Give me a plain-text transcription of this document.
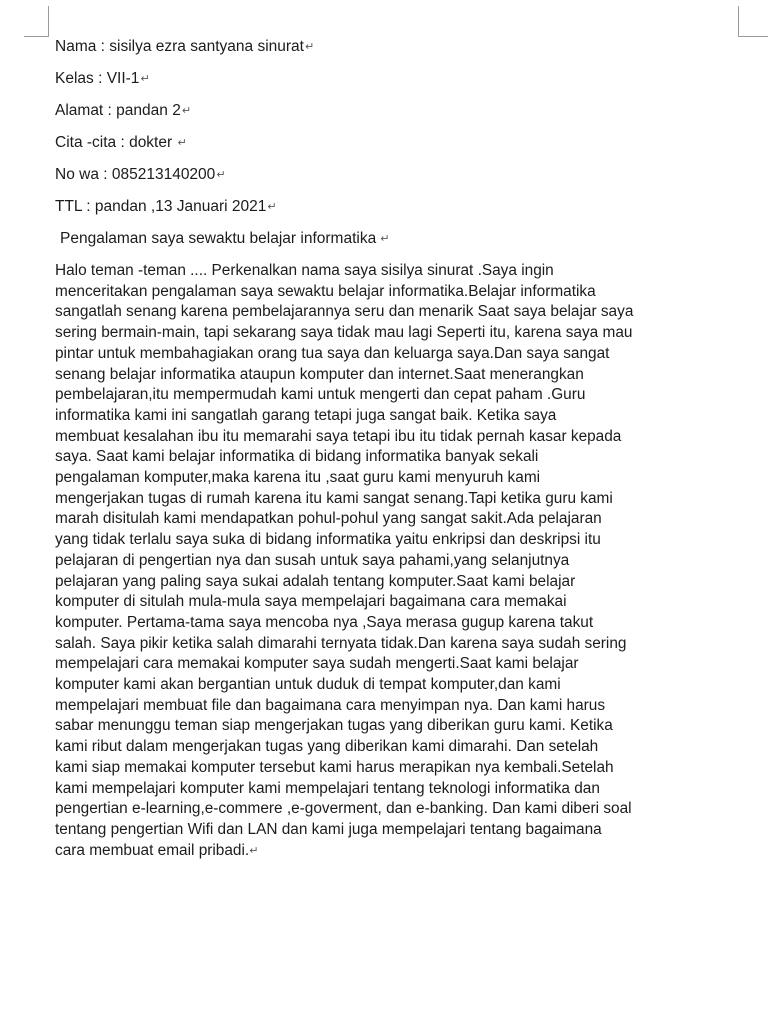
Nama : sisilya ezra santyana sinurat↵
Kelas : VII-1↵
Alamat : pandan 2↵
Cita -cita : dokter ↵
No wa : 085213140200↵
TTL : pandan ,13 Januari 2021↵
Pengalaman saya sewaktu belajar informatika ↵
Halo teman -teman .... Perkenalkan nama saya sisilya sinurat .Saya ingin
menceritakan pengalaman saya sewaktu belajar informatika.Belajar informatika
sangatlah senang karena pembelajarannya seru dan menarik Saat saya belajar saya
sering bermain-main, tapi sekarang saya tidak mau lagi Seperti itu, karena saya mau
pintar untuk membahagiakan orang tua saya dan keluarga saya.Dan saya sangat
senang belajar informatika ataupun komputer dan internet.Saat menerangkan
pembelajaran,itu mempermudah kami untuk mengerti dan cepat paham .Guru
informatika kami ini sangatlah garang tetapi juga sangat baik. Ketika saya
membuat kesalahan ibu itu memarahi saya tetapi ibu itu tidak pernah kasar kepada
saya. Saat kami belajar informatika di bidang informatika banyak sekali
pengalaman komputer,maka karena itu ,saat guru kami menyuruh kami
mengerjakan tugas di rumah karena itu kami sangat senang.Tapi ketika guru kami
marah disitulah kami mendapatkan pohul-pohul yang sangat sakit.Ada pelajaran
yang tidak terlalu saya suka di bidang informatika yaitu enkripsi dan deskripsi itu
pelajaran di pengertian nya dan susah untuk saya pahami,yang selanjutnya
pelajaran yang paling saya sukai adalah tentang komputer.Saat kami belajar
komputer di situlah mula-mula saya mempelajari bagaimana cara memakai
komputer. Pertama-tama saya mencoba nya ,Saya merasa gugup karena takut
salah. Saya pikir ketika salah dimarahi ternyata tidak.Dan karena saya sudah sering
mempelajari cara memakai komputer saya sudah mengerti.Saat kami belajar
komputer kami akan bergantian untuk duduk di tempat komputer,dan kami
mempelajari membuat file dan bagaimana cara menyimpan nya. Dan kami harus
sabar menunggu teman siap mengerjakan tugas yang diberikan guru kami. Ketika
kami ribut dalam mengerjakan tugas yang diberikan kami dimarahi. Dan setelah
kami siap memakai komputer tersebut kami harus merapikan nya kembali.Setelah
kami mempelajari komputer kami mempelajari tentang teknologi informatika dan
pengertian e-learning,e-commere ,e-goverment, dan e-banking. Dan kami diberi soal
tentang pengertian Wifi dan LAN dan kami juga mempelajari tentang bagaimana
cara membuat email pribadi.↵
